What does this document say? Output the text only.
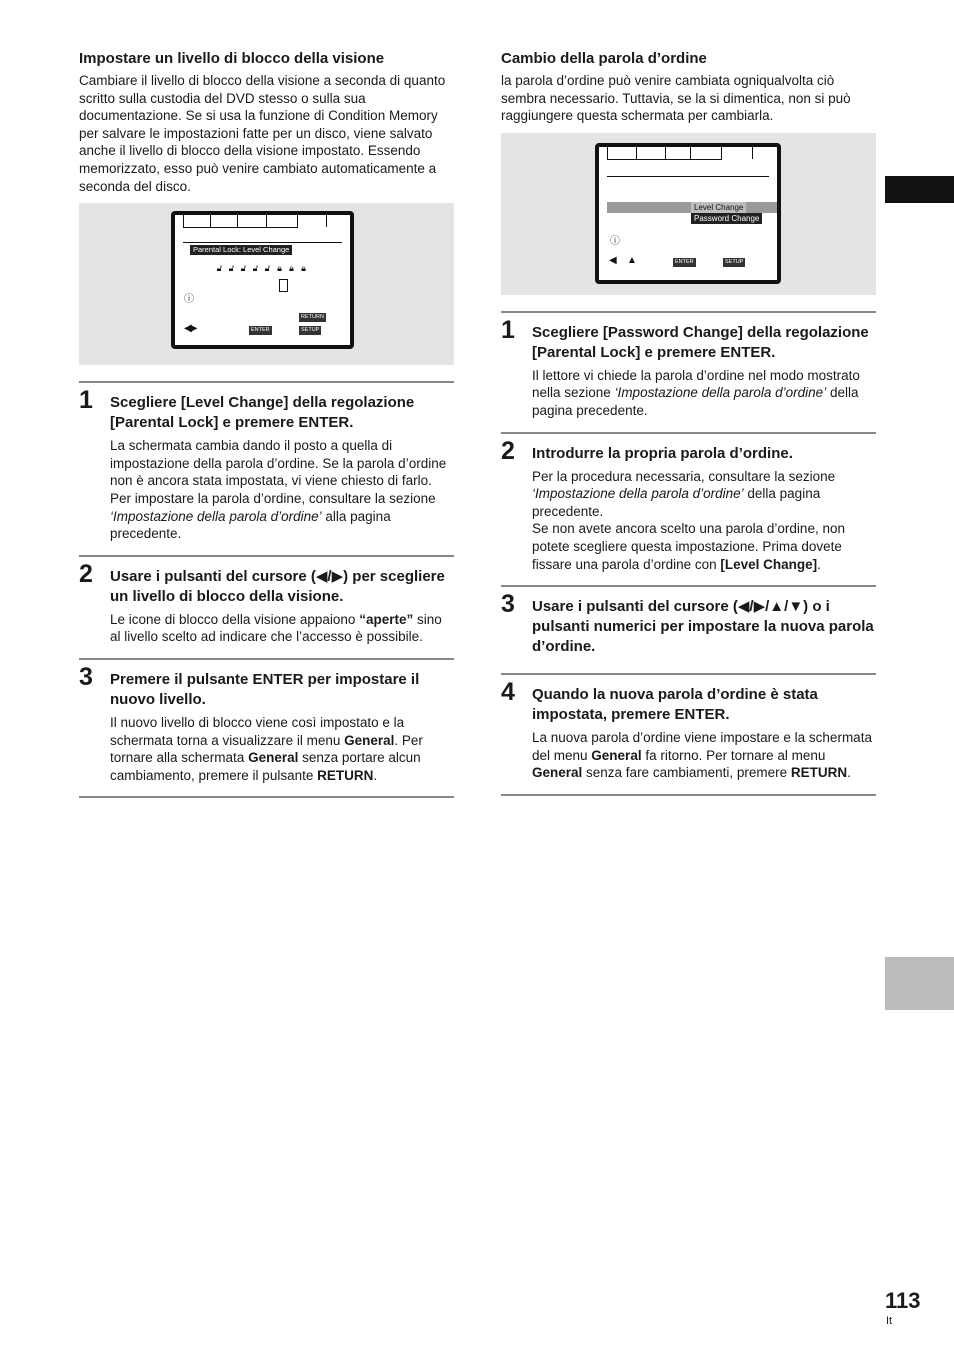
Impostare un livello di blocco della visione

Cambiare il livello di blocco della visione a seconda di quanto scritto sulla custodia del DVD stesso o sulla sua documentazione. Se si usa la funzione di Condition Memory per salvare le impostazioni fatte per un disco, viene salvato anche il livello di blocco della visione impostato. Essendo memorizzato, esso può venire cambiato automaticamente a seconda del disco.

Parental Lock: Level Change
🔓︎ 🔓︎ 🔓︎ 🔓︎ 🔓︎ 🔒︎ 🔒︎ 🔒︎
ⓘ
◀▶	ENTER
RETURN
SETUP
1 Scegliere [Level Change] della regolazione [Parental Lock] e premere ENTER.

La schermata cambia dando il posto a quella di impostazione della parola d’ordine. Se la parola d’ordine non è ancora stata impostata, vi viene chiesto di farlo. Per impostare la parola d’ordine, consultare la sezione ‘Impostazione della parola d’ordine’ alla pagina precedente.

2 Usare i pulsanti del cursore (◀/▶) per scegliere un livello di blocco della visione.

Le icone di blocco della visione appaiono “aperte” sino al livello scelto ad indicare che l’accesso è possibile.

3 Premere il pulsante ENTER per impostare il nuovo livello.

Il nuovo livello di blocco viene così impostato e la schermata torna a visualizzare il menu General. Per tornare alla schermata General senza portare alcun cambiamento, premere il pulsante RETURN.

Cambio della parola d’ordine

la parola d’ordine può venire cambiata ogniqualvolta ciò sembra necessario. Tuttavia, se la si dimentica, non si può raggiungere questa schermata per cambiarla.

Level Change
Password Change
ⓘ
◀ ▲	ENTER	SETUP
1 Scegliere [Password Change] della regolazione [Parental Lock] e premere ENTER.

Il lettore vi chiede la parola d’ordine nel modo mostrato nella sezione ‘Impostazione della parola d’ordine’ della pagina precedente.

2 Introdurre la propria parola d’ordine.

Per la procedura necessaria, consultare la sezione ‘Impostazione della parola d’ordine’ della pagina precedente.

Se non avete ancora scelto una parola d’ordine, non potete scegliere questa impostazione. Prima dovete fissare una parola d’ordine con [Level Change].

3 Usare i pulsanti del cursore (◀/▶/▲/▼) o i pulsanti numerici per impostare la nuova parola d’ordine.

4 Quando la nuova parola d’ordine è stata impostata, premere ENTER.

La nuova parola d’ordine viene impostare e la schermata del menu General fa ritorno. Per tornare al menu General senza fare cambiamenti, premere RETURN.

113
It
